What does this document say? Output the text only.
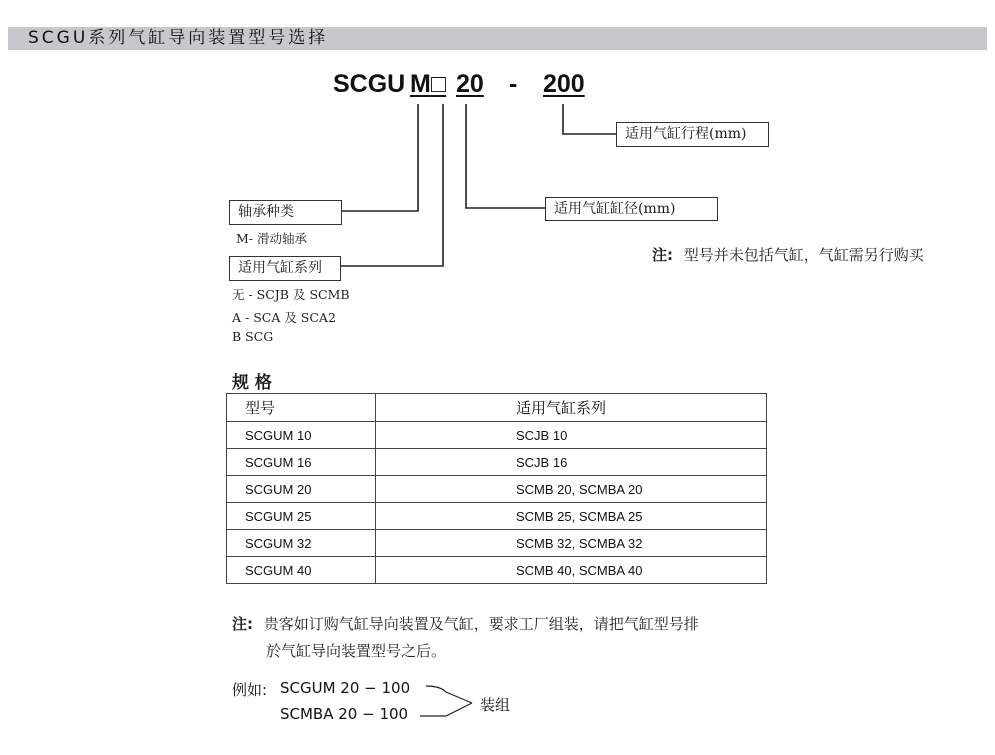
SCGU系列气缸导向装置型号选择
SCGU M □ 20 - 200
适用气缸行程(mm)
适用气缸缸径(mm)
轴承种类
M- 滑动轴承
适用气缸系列
无 - SCJB 及 SCMB
A - SCA 及 SCA2
B SCG
注: 型号并未包括气缸，气缸需另行购买
规 格
型号	适用气缸系列
SCGUM 10	SCJB 10
SCGUM 16	SCJB 16
SCGUM 20	SCMB 20, SCMBA 20
SCGUM 25	SCMB 25, SCMBA 25
SCGUM 32	SCMB 32, SCMBA 32
SCGUM 40	SCMB 40, SCMBA 40
注: 贵客如订购气缸导向装置及气缸，要求工厂组装，请把气缸型号排
於气缸导向装置型号之后。
例如: SCGUM 20 − 100
SCMBA 20 − 100	装组
